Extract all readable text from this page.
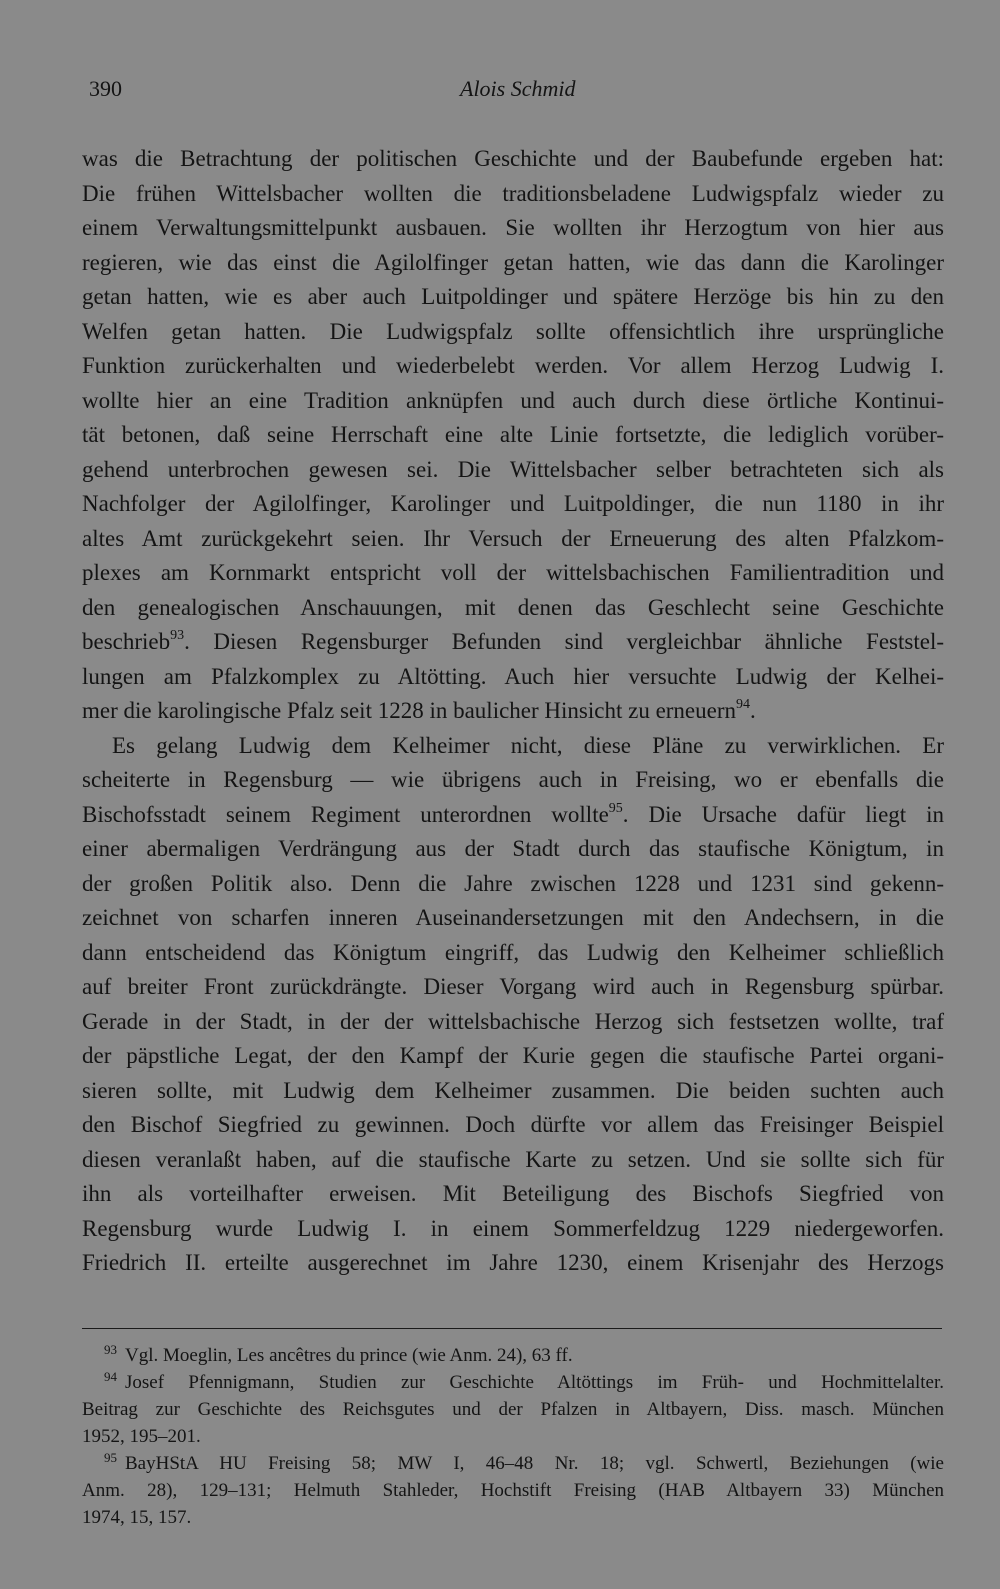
390	Alois Schmid
was die Betrachtung der politischen Geschichte und der Baubefunde ergeben hat:
Die frühen Wittelsbacher wollten die traditionsbeladene Ludwigspfalz wieder zu
einem Verwaltungsmittelpunkt ausbauen. Sie wollten ihr Herzogtum von hier aus
regieren, wie das einst die Agilolfinger getan hatten, wie das dann die Karolinger
getan hatten, wie es aber auch Luitpoldinger und spätere Herzöge bis hin zu den
Welfen getan hatten. Die Ludwigspfalz sollte offensichtlich ihre ursprüngliche
Funktion zurückerhalten und wiederbelebt werden. Vor allem Herzog Ludwig I.
wollte hier an eine Tradition anknüpfen und auch durch diese örtliche Kontinui-
tät betonen, daß seine Herrschaft eine alte Linie fortsetzte, die lediglich vorüber-
gehend unterbrochen gewesen sei. Die Wittelsbacher selber betrachteten sich als
Nachfolger der Agilolfinger, Karolinger und Luitpoldinger, die nun 1180 in ihr
altes Amt zurückgekehrt seien. Ihr Versuch der Erneuerung des alten Pfalzkom-
plexes am Kornmarkt entspricht voll der wittelsbachischen Familientradition und
den genealogischen Anschauungen, mit denen das Geschlecht seine Geschichte
beschrieb$^{93}$. Diesen Regensburger Befunden sind vergleichbar ähnliche Feststel-
lungen am Pfalzkomplex zu Altötting. Auch hier versuchte Ludwig der Kelhei-
mer die karolingische Pfalz seit 1228 in baulicher Hinsicht zu erneuern$^{94}$.
Es gelang Ludwig dem Kelheimer nicht, diese Pläne zu verwirklichen. Er
scheiterte in Regensburg — wie übrigens auch in Freising, wo er ebenfalls die
Bischofsstadt seinem Regiment unterordnen wollte$^{95}$. Die Ursache dafür liegt in
einer abermaligen Verdrängung aus der Stadt durch das staufische Königtum, in
der großen Politik also. Denn die Jahre zwischen 1228 und 1231 sind gekenn-
zeichnet von scharfen inneren Auseinandersetzungen mit den Andechsern, in die
dann entscheidend das Königtum eingriff, das Ludwig den Kelheimer schließlich
auf breiter Front zurückdrängte. Dieser Vorgang wird auch in Regensburg spürbar.
Gerade in der Stadt, in der der wittelsbachische Herzog sich festsetzen wollte, traf
der päpstliche Legat, der den Kampf der Kurie gegen die staufische Partei organi-
sieren sollte, mit Ludwig dem Kelheimer zusammen. Die beiden suchten auch
den Bischof Siegfried zu gewinnen. Doch dürfte vor allem das Freisinger Beispiel
diesen veranlaßt haben, auf die staufische Karte zu setzen. Und sie sollte sich für
ihn als vorteilhafter erweisen. Mit Beteiligung des Bischofs Siegfried von
Regensburg wurde Ludwig I. in einem Sommerfeldzug 1229 niedergeworfen.
Friedrich II. erteilte ausgerechnet im Jahre 1230, einem Krisenjahr des Herzogs
$^{93}$ Vgl. Moeglin, Les ancêtres du prince (wie Anm. 24), 63 ff.
$^{94}$ Josef Pfennigmann, Studien zur Geschichte Altöttings im Früh- und Hochmittelalter.
Beitrag zur Geschichte des Reichsgutes und der Pfalzen in Altbayern, Diss. masch. München
1952, 195–201.
$^{95}$ BayHStA HU Freising 58; MW I, 46–48 Nr. 18; vgl. Schwertl, Beziehungen (wie
Anm. 28), 129–131; Helmuth Stahleder, Hochstift Freising (HAB Altbayern 33) München
1974, 15, 157.
